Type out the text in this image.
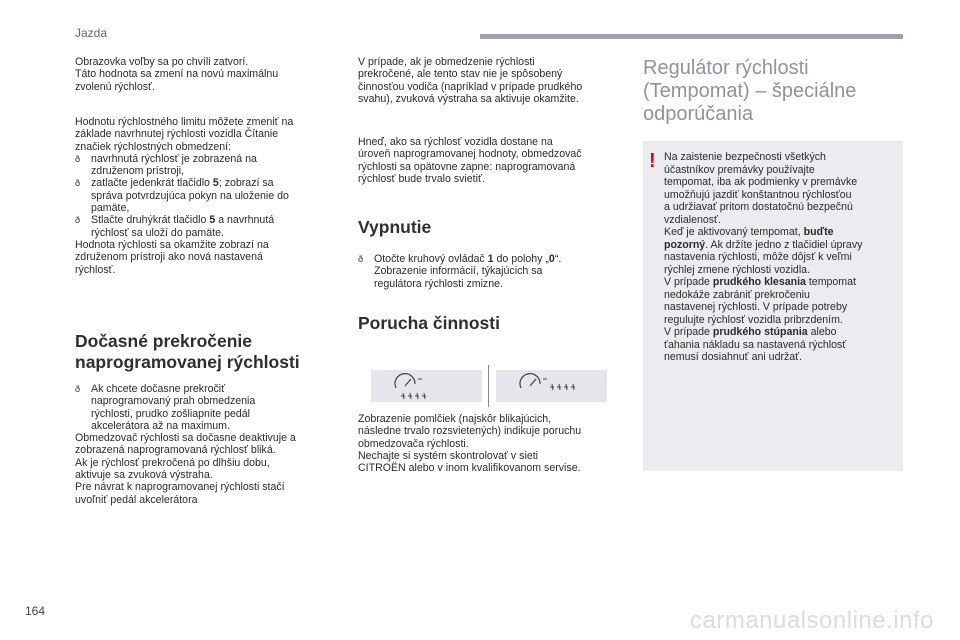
Jazda

Obrazovka voľby sa po chvíli zatvorí.

Táto hodnota sa zmení na novú maximálnu

zvolenú rýchlosť.

Hodnotu rýchlostného limitu môžete zmeniť na

základe navrhnutej rýchlosti vozidla Čítanie

značiek rýchlostných obmedzení:

ð navrhnutá rýchlosť je zobrazená na
združenom prístroji,

ð zatlačte jedenkrát tlačidlo 5; zobrazí sa
správa potvrdzujúca pokyn na uloženie do
pamäte,

ð Stlačte druhýkrát tlačidlo 5 a navrhnutá
rýchlosť sa uloží do pamäte.

Hodnota rýchlosti sa okamžite zobrazí na

združenom prístroji ako nová nastavená

rýchlosť.

Dočasné prekročenie
naprogramovanej rýchlosti

ð Ak chcete dočasne prekročiť
naprogramovaný prah obmedzenia
rýchlosti, prudko zošliapnite pedál
akcelerátora až na maximum.

Obmedzovač rýchlosti sa dočasne deaktivuje a

zobrazená naprogramovaná rýchlosť bliká.

Ak je rýchlosť prekročená po dlhšiu dobu,

aktivuje sa zvuková výstraha.

Pre návrat k naprogramovanej rýchlosti stačí

uvoľniť pedál akcelerátora

V prípade, ak je obmedzenie rýchlosti

prekročené, ale tento stav nie je spôsobený

činnosťou vodiča (napríklad v prípade prudkého

svahu), zvuková výstraha sa aktivuje okamžite.

Hneď, ako sa rýchlosť vozidla dostane na

úroveň naprogramovanej hodnoty, obmedzovač

rýchlosti sa opätovne zapne: naprogramovaná

rýchlosť bude trvalo svietiť.

Vypnutie

ð Otočte kruhový ovládač 1 do polohy „0“.
Zobrazenie informácií, týkajúcich sa
regulátora rýchlosti zmizne.

Porucha činnosti

Zobrazenie pomlčiek (najskôr blikajúcich,

následne trvalo rozsvietených) indikuje poruchu

obmedzovača rýchlosti.

Nechajte si systém skontrolovať v sieti

CITROËN alebo v inom kvalifikovanom servise.

Regulátor rýchlosti
(Tempomat) – špeciálne
odporúčania
! Na zaistenie bezpečnosti všetkých
účastníkov premávky používajte
tempomat, iba ak podmienky v premávke
umožňujú jazdiť konštantnou rýchlosťou
a udržiavať pritom dostatočnú bezpečnú
vzdialenosť.
Keď je aktivovaný tempomat, buďte
pozorný. Ak držíte jedno z tlačidiel úpravy
nastavenia rýchlosti, môže dôjsť k veľmi
rýchlej zmene rýchlosti vozidla.
V prípade prudkého klesania tempomat
nedokáže zabrániť prekročeniu
nastavenej rýchlosti. V prípade potreby
regulujte rýchlosť vozidla pribrzdením.
V prípade prudkého stúpania alebo
ťahania nákladu sa nastavená rýchlosť
nemusí dosiahnuť ani udržať.
164	carmanualsonline.info
